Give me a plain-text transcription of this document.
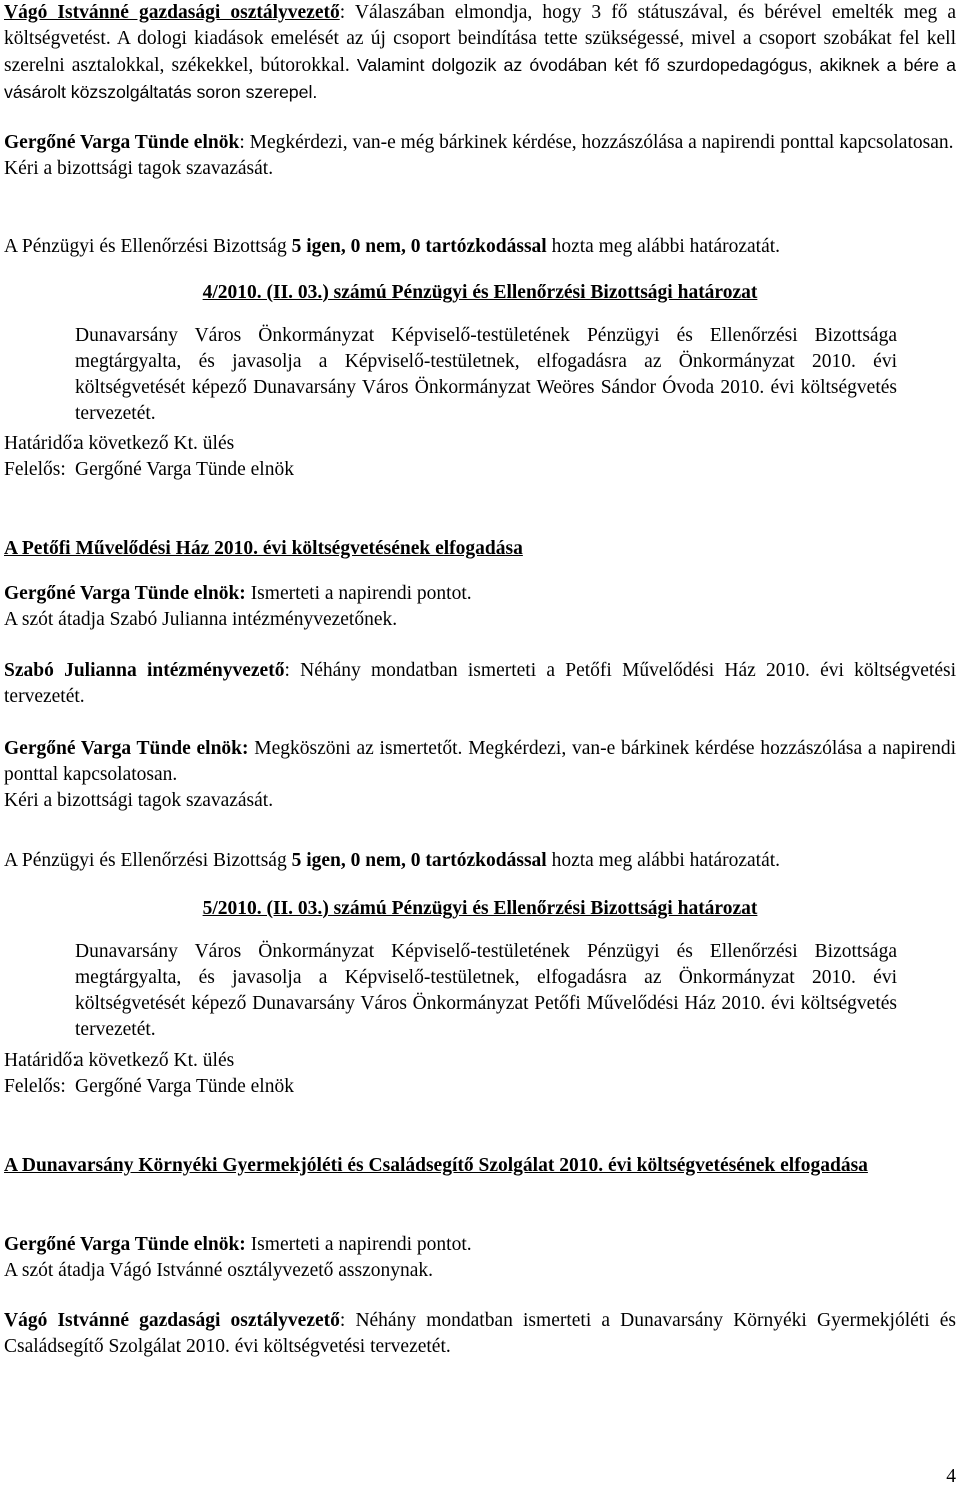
Vágó Istvánné gazdasági osztályvezető: Válaszában elmondja, hogy 3 fő státuszával, és bérével emelték meg a költségvetést. A dologi kiadások emelését az új csoport beindítása tette szükségessé, mivel a csoport szobákat fel kell szerelni asztalokkal, székekkel, bútorokkal. Valamint dolgozik az óvodában két fő szurdopedagógus, akiknek a bére a vásárolt közszolgáltatás soron szerepel.

Gergőné Varga Tünde elnök: Megkérdezi, van-e még bárkinek kérdése, hozzászólása a napirendi ponttal kapcsolatosan.

Kéri a bizottsági tagok szavazását.

A Pénzügyi és Ellenőrzési Bizottság 5 igen, 0 nem, 0 tartózkodással hozta meg alábbi határozatát.

4/2010. (II. 03.) számú Pénzügyi és Ellenőrzési Bizottsági határozat

Dunavarsány Város Önkormányzat Képviselő-testületének Pénzügyi és Ellenőrzési Bizottsága megtárgyalta, és javasolja a Képviselő-testületnek, elfogadásra az Önkormányzat 2010. évi költségvetését képező Dunavarsány Város Önkormányzat Weöres Sándor Óvoda 2010. évi költségvetés tervezetét.

Határidő:a következő Kt. ülés
Felelős: Gergőné Varga Tünde elnök

A Petőfi Művelődési Ház 2010. évi költségvetésének elfogadása

Gergőné Varga Tünde elnök: Ismerteti a napirendi pontot.

A szót átadja Szabó Julianna intézményvezetőnek.

Szabó Julianna intézményvezető: Néhány mondatban ismerteti a Petőfi Művelődési Ház 2010. évi költségvetési tervezetét.

Gergőné Varga Tünde elnök: Megköszöni az ismertetőt. Megkérdezi, van-e bárkinek kérdése hozzászólása a napirendi ponttal kapcsolatosan.

Kéri a bizottsági tagok szavazását.

A Pénzügyi és Ellenőrzési Bizottság 5 igen, 0 nem, 0 tartózkodással hozta meg alábbi határozatát.

5/2010. (II. 03.) számú Pénzügyi és Ellenőrzési Bizottsági határozat

Dunavarsány Város Önkormányzat Képviselő-testületének Pénzügyi és Ellenőrzési Bizottsága megtárgyalta, és javasolja a Képviselő-testületnek, elfogadásra az Önkormányzat 2010. évi költségvetését képező Dunavarsány Város Önkormányzat Petőfi Művelődési Ház 2010. évi költségvetés tervezetét.

Határidő:a következő Kt. ülés
Felelős: Gergőné Varga Tünde elnök

A Dunavarsány Környéki Gyermekjóléti és Családsegítő Szolgálat 2010. évi költségvetésének elfogadása

Gergőné Varga Tünde elnök: Ismerteti a napirendi pontot.

A szót átadja Vágó Istvánné osztályvezető asszonynak.

Vágó Istvánné gazdasági osztályvezető: Néhány mondatban ismerteti a Dunavarsány Környéki Gyermekjóléti és Családsegítő Szolgálat 2010. évi költségvetési tervezetét.

4
